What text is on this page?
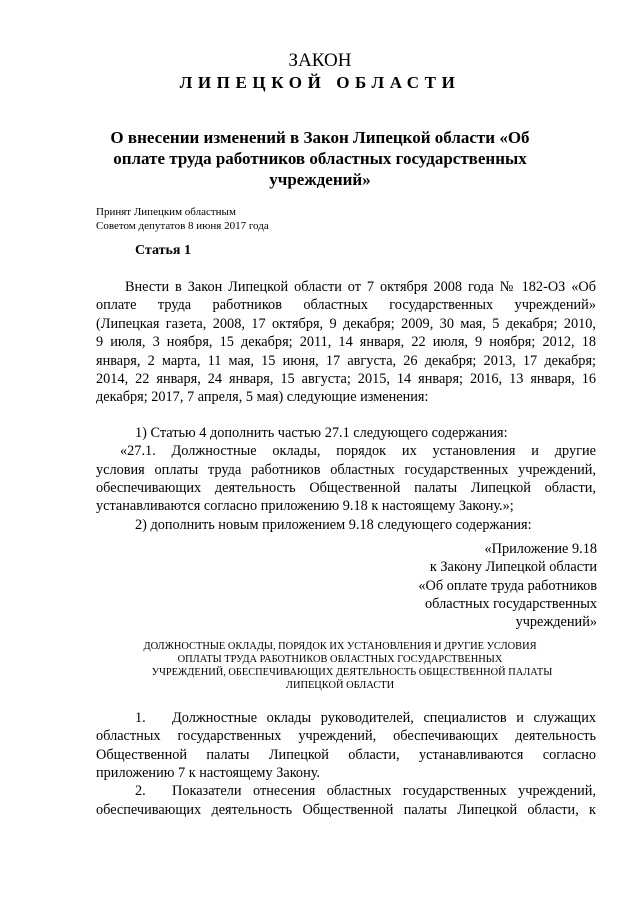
ЗАКОН

ЛИПЕЦКОЙ ОБЛАСТИ

О внесении изменений в Закон Липецкой области «Об

оплате труда работников областных государственных

учреждений»

Принят Липецким областным

Советом депутатов 8 июня 2017 года

Статья 1

Внести в Закон Липецкой области от 7 октября 2008 года № 182-ОЗ «Об

оплате труда работников областных государственных учреждений»

(Липецкая газета, 2008, 17 октября, 9 декабря; 2009, 30 мая, 5 декабря; 2010,

9 июля, 3 ноября, 15 декабря; 2011, 14 января, 22 июля, 9 ноября; 2012, 18

января, 2 марта, 11 мая, 15 июня, 17 августа, 26 декабря; 2013, 17 декабря;

2014, 22 января, 24 января, 15 августа; 2015, 14 января; 2016, 13 января, 16

декабря; 2017, 7 апреля, 5 мая) следующие изменения:

1) Статью 4 дополнить частью 27.1 следующего содержания:

«27.1. Должностные оклады, порядок их установления и другие

условия оплаты труда работников областных государственных учреждений,

обеспечивающих деятельность Общественной палаты Липецкой области,

устанавливаются согласно приложению 9.18 к настоящему Закону.»;

2) дополнить новым приложением 9.18 следующего содержания:

«Приложение 9.18

к Закону Липецкой области

«Об оплате труда работников

областных государственных

учреждений»

ДОЛЖНОСТНЫЕ ОКЛАДЫ, ПОРЯДОК ИХ УСТАНОВЛЕНИЯ И ДРУГИЕ УСЛОВИЯ

ОПЛАТЫ ТРУДА РАБОТНИКОВ ОБЛАСТНЫХ ГОСУДАРСТВЕННЫХ

УЧРЕЖДЕНИЙ, ОБЕСПЕЧИВАЮЩИХ ДЕЯТЕЛЬНОСТЬ ОБЩЕСТВЕННОЙ ПАЛАТЫ

ЛИПЕЦКОЙ ОБЛАСТИ

1. Должностные оклады руководителей, специалистов и служащих

областных государственных учреждений, обеспечивающих деятельность

Общественной палаты Липецкой области, устанавливаются согласно

приложению 7 к настоящему Закону.

2. Показатели отнесения областных государственных учреждений,

обеспечивающих деятельность Общественной палаты Липецкой области, к
